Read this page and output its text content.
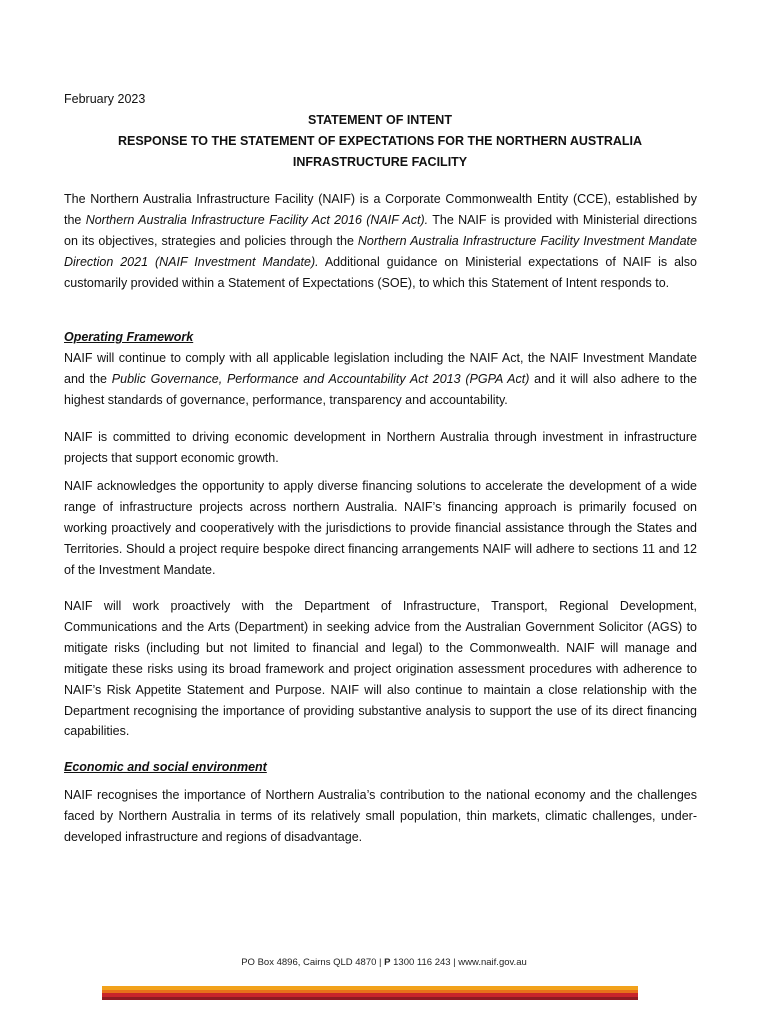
February 2023
STATEMENT OF INTENT
RESPONSE TO THE STATEMENT OF EXPECTATIONS FOR THE NORTHERN AUSTRALIA INFRASTRUCTURE FACILITY

The Northern Australia Infrastructure Facility (NAIF) is a Corporate Commonwealth Entity (CCE), established by the Northern Australia Infrastructure Facility Act 2016 (NAIF Act). The NAIF is provided with Ministerial directions on its objectives, strategies and policies through the Northern Australia Infrastructure Facility Investment Mandate Direction 2021 (NAIF Investment Mandate). Additional guidance on Ministerial expectations of NAIF is also customarily provided within a Statement of Expectations (SOE), to which this Statement of Intent responds to.

Operating Framework

NAIF will continue to comply with all applicable legislation including the NAIF Act, the NAIF Investment Mandate and the Public Governance, Performance and Accountability Act 2013 (PGPA Act) and it will also adhere to the highest standards of governance, performance, transparency and accountability.

NAIF is committed to driving economic development in Northern Australia through investment in infrastructure projects that support economic growth.

NAIF acknowledges the opportunity to apply diverse financing solutions to accelerate the development of a wide range of infrastructure projects across northern Australia. NAIF’s financing approach is primarily focused on working proactively and cooperatively with the jurisdictions to provide financial assistance through the States and Territories. Should a project require bespoke direct financing arrangements NAIF will adhere to sections 11 and 12 of the Investment Mandate.

NAIF will work proactively with the Department of Infrastructure, Transport, Regional Development, Communications and the Arts (Department) in seeking advice from the Australian Government Solicitor (AGS) to mitigate risks (including but not limited to financial and legal) to the Commonwealth. NAIF will manage and mitigate these risks using its broad framework and project origination assessment procedures with adherence to NAIF’s Risk Appetite Statement and Purpose. NAIF will also continue to maintain a close relationship with the Department recognising the importance of providing substantive analysis to support the use of its direct financing capabilities.

Economic and social environment

NAIF recognises the importance of Northern Australia’s contribution to the national economy and the challenges faced by Northern Australia in terms of its relatively small population, thin markets, climatic challenges, under-developed infrastructure and regions of disadvantage.

PO Box 4896, Cairns QLD 4870 | P 1300 116 243 | www.naif.gov.au
